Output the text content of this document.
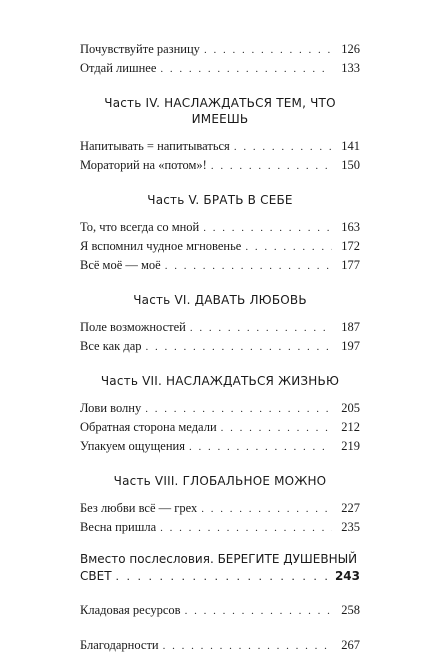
Почувствуйте разницу . . .	126
Отдай лишнее . . .	133
Часть IV. НАСЛАЖДАТЬСЯ ТЕМ, ЧТО ИМЕЕШЬ
Напитывать = напитываться . . .	141
Мораторий на «потом»! . . .	150
Часть V. БРАТЬ В СЕБЕ
То, что всегда со мной . . .	163
Я вспомнил чудное мгновенье . . .	172
Всё моё — моё . . .	177
Часть VI. ДАВАТЬ ЛЮБОВЬ
Поле возможностей . . .	187
Все как дар . . .	197
Часть VII. НАСЛАЖДАТЬСЯ ЖИЗНЬЮ
Лови волну . . .	205
Обратная сторона медали . . .	212
Упакуем ощущения . . .	219
Часть VIII. ГЛОБАЛЬНОЕ МОЖНО
Без любви всё — грех . . .	227
Весна пришла . . .	235
Вместо послесловия. БЕРЕГИТЕ ДУШЕВНЫЙ
СВЕТ . . .	243
Кладовая ресурсов . . .	258
Благодарности . . .	267
